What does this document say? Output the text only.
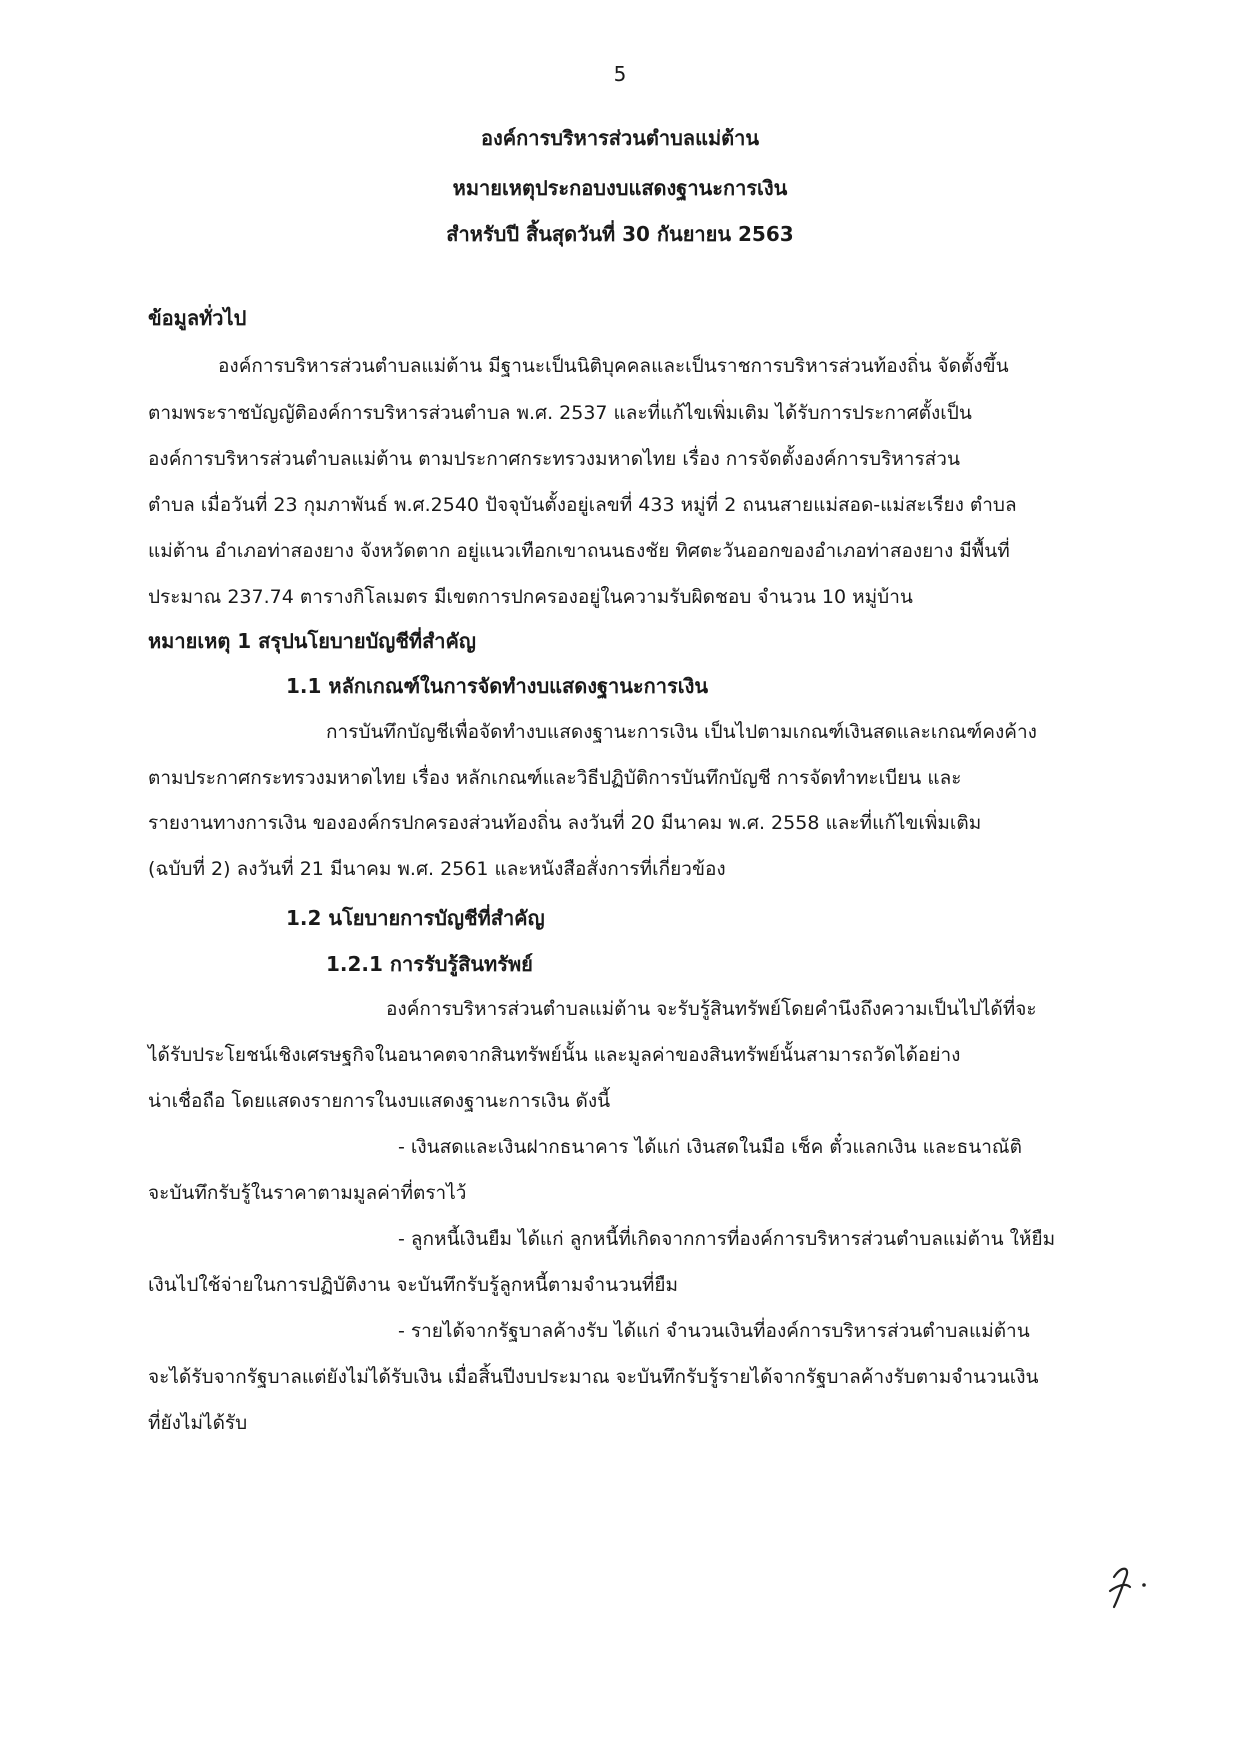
5
องค์การบริหารส่วนตำบลแม่ต้าน
หมายเหตุประกอบงบแสดงฐานะการเงิน
สำหรับปี สิ้นสุดวันที่ 30 กันยายน 2563
ข้อมูลทั่วไป
องค์การบริหารส่วนตำบลแม่ต้าน มีฐานะเป็นนิติบุคคลและเป็นราชการบริหารส่วนท้องถิ่น จัดตั้งขึ้น
ตามพระราชบัญญัติองค์การบริหารส่วนตำบล พ.ศ. 2537 และที่แก้ไขเพิ่มเติม ได้รับการประกาศตั้งเป็น
องค์การบริหารส่วนตำบลแม่ต้าน ตามประกาศกระทรวงมหาดไทย เรื่อง การจัดตั้งองค์การบริหารส่วน
ตำบล เมื่อวันที่ 23 กุมภาพันธ์ พ.ศ.2540 ปัจจุบันตั้งอยู่เลขที่ 433 หมู่ที่ 2 ถนนสายแม่สอด-แม่สะเรียง ตำบล
แม่ต้าน อำเภอท่าสองยาง จังหวัดตาก อยู่แนวเทือกเขาถนนธงชัย ทิศตะวันออกของอำเภอท่าสองยาง มีพื้นที่
ประมาณ 237.74 ตารางกิโลเมตร มีเขตการปกครองอยู่ในความรับผิดชอบ จำนวน 10 หมู่บ้าน
หมายเหตุ 1 สรุปนโยบายบัญชีที่สำคัญ
1.1 หลักเกณฑ์ในการจัดทำงบแสดงฐานะการเงิน
การบันทึกบัญชีเพื่อจัดทำงบแสดงฐานะการเงิน เป็นไปตามเกณฑ์เงินสดและเกณฑ์คงค้าง
ตามประกาศกระทรวงมหาดไทย เรื่อง หลักเกณฑ์และวิธีปฏิบัติการบันทึกบัญชี การจัดทำทะเบียน และ
รายงานทางการเงิน ขององค์กรปกครองส่วนท้องถิ่น ลงวันที่ 20 มีนาคม พ.ศ. 2558 และที่แก้ไขเพิ่มเติม
(ฉบับที่ 2) ลงวันที่ 21 มีนาคม พ.ศ. 2561 และหนังสือสั่งการที่เกี่ยวข้อง
1.2 นโยบายการบัญชีที่สำคัญ
1.2.1 การรับรู้สินทรัพย์
องค์การบริหารส่วนตำบลแม่ต้าน จะรับรู้สินทรัพย์โดยคำนึงถึงความเป็นไปได้ที่จะ
ได้รับประโยชน์เชิงเศรษฐกิจในอนาคตจากสินทรัพย์นั้น และมูลค่าของสินทรัพย์นั้นสามารถวัดได้อย่าง
น่าเชื่อถือ โดยแสดงรายการในงบแสดงฐานะการเงิน ดังนี้
- เงินสดและเงินฝากธนาคาร ได้แก่ เงินสดในมือ เช็ค ตั๋วแลกเงิน และธนาณัติ
จะบันทึกรับรู้ในราคาตามมูลค่าที่ตราไว้
- ลูกหนี้เงินยืม ได้แก่ ลูกหนี้ที่เกิดจากการที่องค์การบริหารส่วนตำบลแม่ต้าน ให้ยืม
เงินไปใช้จ่ายในการปฏิบัติงาน จะบันทึกรับรู้ลูกหนี้ตามจำนวนที่ยืม
- รายได้จากรัฐบาลค้างรับ ได้แก่ จำนวนเงินที่องค์การบริหารส่วนตำบลแม่ต้าน
จะได้รับจากรัฐบาลแต่ยังไม่ได้รับเงิน เมื่อสิ้นปีงบประมาณ จะบันทึกรับรู้รายได้จากรัฐบาลค้างรับตามจำนวนเงิน
ที่ยังไม่ได้รับ
